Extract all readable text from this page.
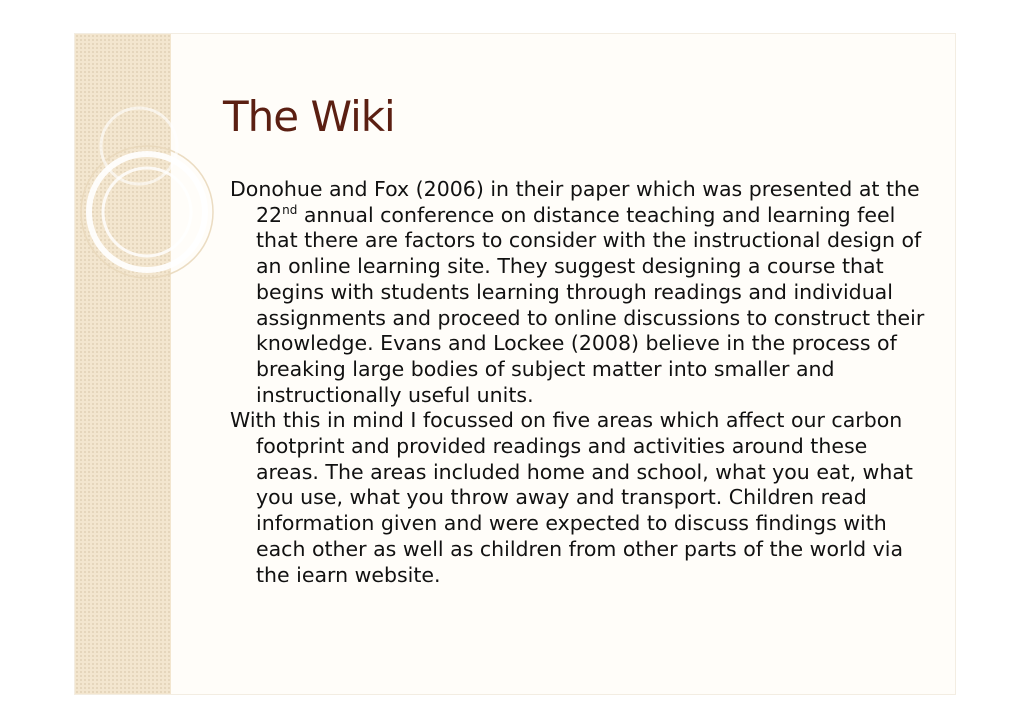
The Wiki

Donohue and Fox (2006) in their paper which was presented at the 22nd annual conference on distance teaching and learning feel that there are factors to consider with the instructional design of an online learning site. They suggest designing a course that begins with students learning through readings and individual assignments and proceed to online discussions to construct their knowledge. Evans and Lockee (2008) believe in the process of breaking large bodies of subject matter into smaller and instructionally useful units.

With this in mind I focussed on five areas which affect our carbon footprint and provided readings and activities around these areas. The areas included home and school, what you eat, what you use, what you throw away and transport. Children read information given and were expected to discuss findings with each other as well as children from other parts of the world via the iearn website.
